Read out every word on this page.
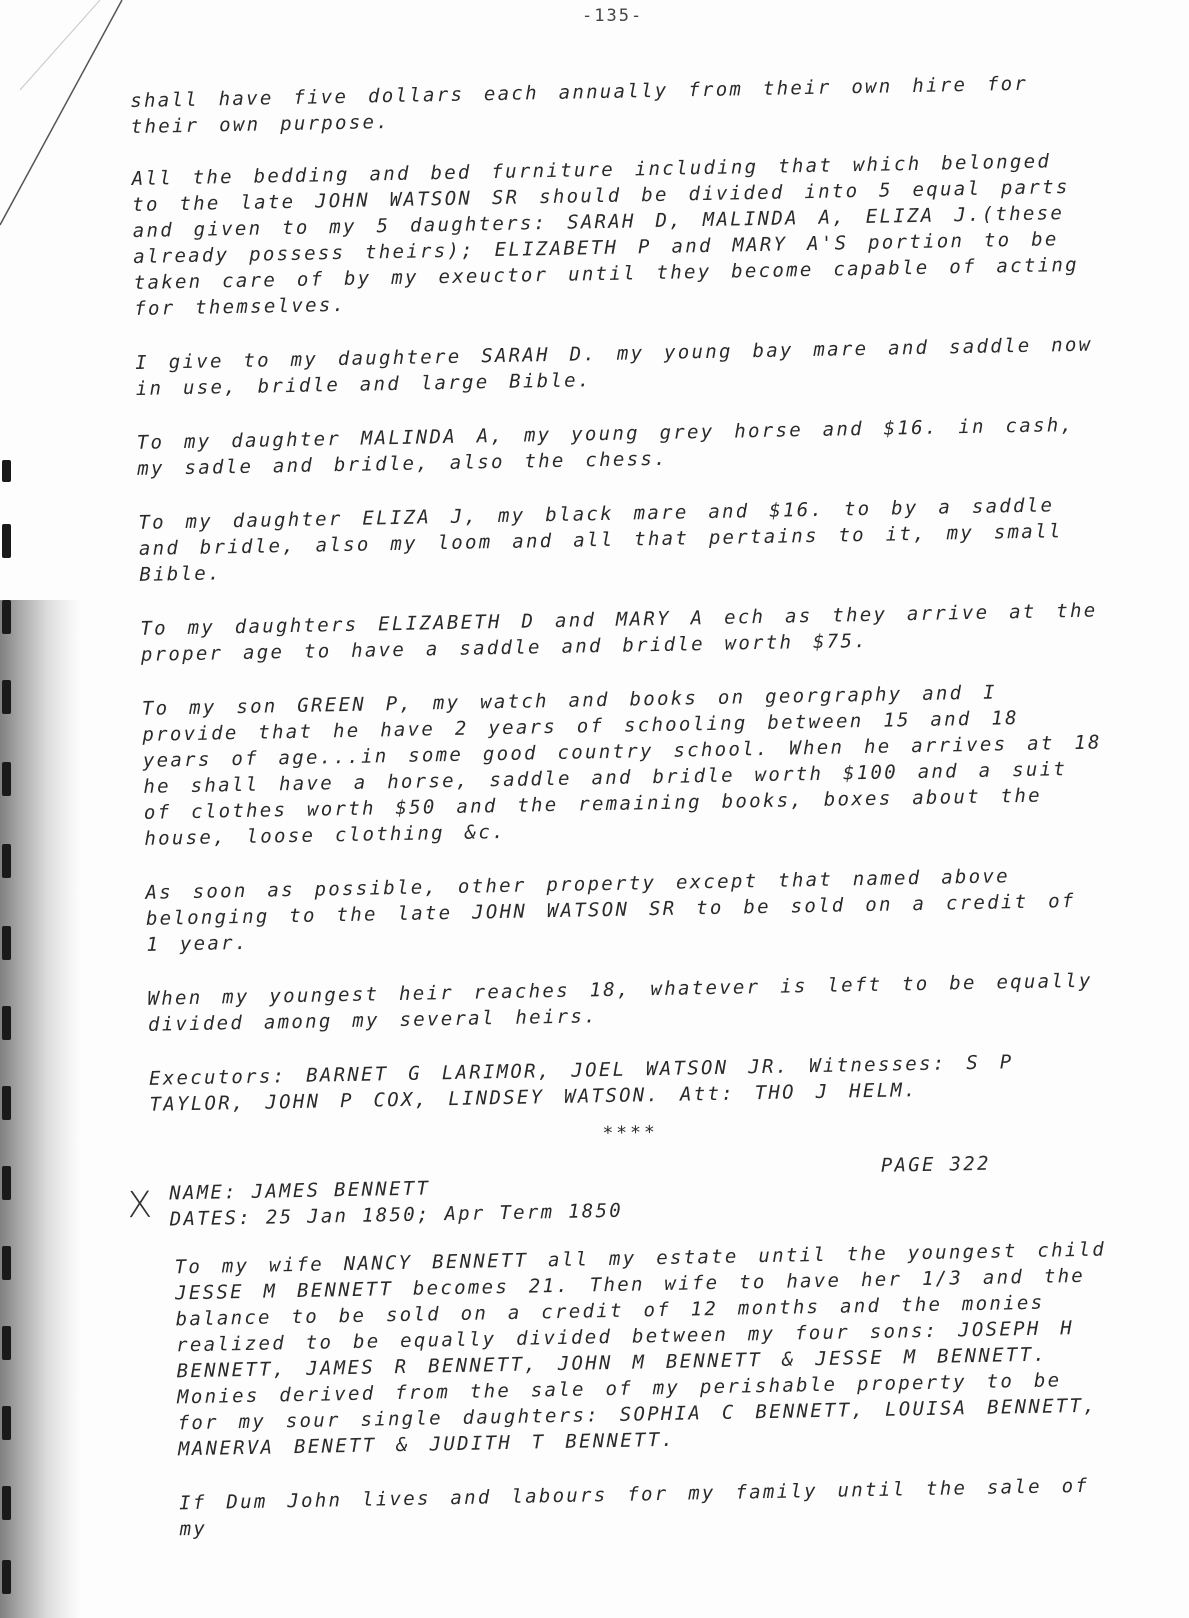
-135-

shall have five dollars each annually from their own hire for their own purpose.

All the bedding and bed furniture including that which belonged to the late JOHN WATSON SR should be divided into 5 equal parts and given to my 5 daughters: SARAH D, MALINDA A, ELIZA J.(these already possess theirs); ELIZABETH P and MARY A'S portion to be taken care of by my exeuctor until they become capable of acting for themselves.

I give to my daughtere SARAH D. my young bay mare and saddle now in use, bridle and large Bible.

To my daughter MALINDA A, my young grey horse and $16. in cash, my sadle and bridle, also the chess.

To my daughter ELIZA J, my black mare and $16. to by a saddle and bridle, also my loom and all that pertains to it, my small Bible.

To my daughters ELIZABETH D and MARY A ech as they arrive at the proper age to have a saddle and bridle worth $75.

To my son GREEN P, my watch and books on georgraphy and I provide that he have 2 years of schooling between 15 and 18 years of age...in some good country school. When he arrives at 18 he shall have a horse, saddle and bridle worth $100 and a suit of clothes worth $50 and the remaining books, boxes about the house, loose clothing &c.

As soon as possible, other property except that named above belonging to the late JOHN WATSON SR to be sold on a credit of 1 year.

When my youngest heir reaches 18, whatever is left to be equally divided among my several heirs.

Executors: BARNET G LARIMOR, JOEL WATSON JR. Witnesses: S P TAYLOR, JOHN P COX, LINDSEY WATSON. Att: THO J HELM.

****
PAGE 322
X NAME: JAMES BENNETT
DATES: 25 Jan 1850; Apr Term 1850

To my wife NANCY BENNETT all my estate until the youngest child JESSE M BENNETT becomes 21. Then wife to have her 1/3 and the balance to be sold on a credit of 12 months and the monies realized to be equally divided between my four sons: JOSEPH H BENNETT, JAMES R BENNETT, JOHN M BENNETT & JESSE M BENNETT. Monies derived from the sale of my perishable property to be for my sour single daughters: SOPHIA C BENNETT, LOUISA BENNETT, MANERVA BENETT & JUDITH T BENNETT.

If Dum John lives and labours for my family until the sale of my
